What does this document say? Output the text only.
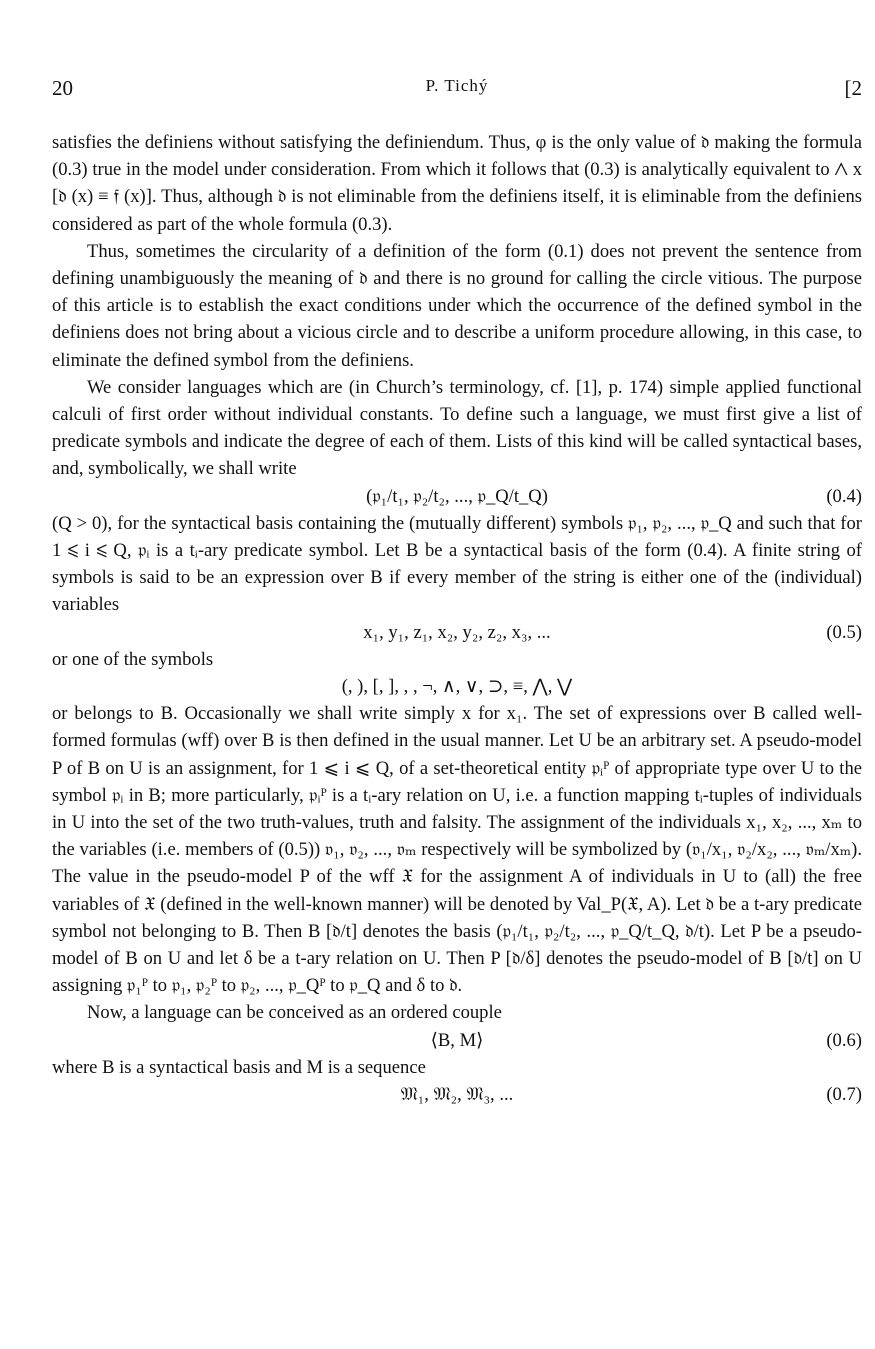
20	P. Tichý	[2

satisfies the definiens without satisfying the definiendum. Thus, φ is the only value of 𝔡 making the formula (0.3) true in the model under consideration. From which it follows that (0.3) is analytically equivalent to ⋀ x [𝔡 (x) ≡ 𝔣 (x)]. Thus, although 𝔡 is not eliminable from the definiens itself, it is eliminable from the definiens considered as part of the whole formula (0.3).

Thus, sometimes the circularity of a definition of the form (0.1) does not prevent the sentence from defining unambiguously the meaning of 𝔡 and there is no ground for calling the circle vitious. The purpose of this article is to establish the exact conditions under which the occurrence of the defined symbol in the definiens does not bring about a vicious circle and to describe a uniform procedure allowing, in this case, to eliminate the defined symbol from the definiens.

We consider languages which are (in Church’s terminology, cf. [1], p. 174) simple applied functional calculi of first order without individual constants. To define such a language, we must first give a list of predicate symbols and indicate the degree of each of them. Lists of this kind will be called syntactical bases, and, symbolically, we shall write

(𝔭₁/t₁, 𝔭₂/t₂, ..., 𝔭_Q/t_Q)	(0.4)

(Q > 0), for the syntactical basis containing the (mutually different) symbols 𝔭₁, 𝔭₂, ..., 𝔭_Q and such that for 1 ⩽ i ⩽ Q, 𝔭ᵢ is a tᵢ-ary predicate symbol. Let B be a syntactical basis of the form (0.4). A finite string of symbols is said to be an expression over B if every member of the string is either one of the (individual) variables

x₁, y₁, z₁, x₂, y₂, z₂, x₃, ...	(0.5)

or one of the symbols

(, ), [, ], , , ¬, ∧, ∨, ⊃, ≡, ⋀, ⋁

or belongs to B. Occasionally we shall write simply x for x₁. The set of expressions over B called well-formed formulas (wff) over B is then defined in the usual manner. Let U be an arbitrary set. A pseudo-model P of B on U is an assignment, for 1 ⩽ i ⩽ Q, of a set-theoretical entity 𝔭ᵢᴾ of appropriate type over U to the symbol 𝔭ᵢ in B; more particularly, 𝔭ᵢᴾ is a tᵢ-ary relation on U, i.e. a function mapping tᵢ-tuples of individuals in U into the set of the two truth-values, truth and falsity. The assignment of the individuals x₁, x₂, ..., xₘ to the variables (i.e. members of (0.5)) 𝔳₁, 𝔳₂, ..., 𝔳ₘ respectively will be symbolized by (𝔳₁/x₁, 𝔳₂/x₂, ..., 𝔳ₘ/xₘ). The value in the pseudo-model P of the wff 𝔛 for the assignment A of individuals in U to (all) the free variables of 𝔛 (defined in the well-known manner) will be denoted by Val_P(𝔛, A). Let 𝔡 be a t-ary predicate symbol not belonging to B. Then B [𝔡/t] denotes the basis (𝔭₁/t₁, 𝔭₂/t₂, ..., 𝔭_Q/t_Q, 𝔡/t). Let P be a pseudo-model of B on U and let δ be a t-ary relation on U. Then P [𝔡/δ] denotes the pseudo-model of B [𝔡/t] on U assigning 𝔭₁ᴾ to 𝔭₁, 𝔭₂ᴾ to 𝔭₂, ..., 𝔭_Qᴾ to 𝔭_Q and δ to 𝔡.

Now, a language can be conceived as an ordered couple

⟨B, M⟩	(0.6)

where B is a syntactical basis and M is a sequence

𝔐₁, 𝔐₂, 𝔐₃, ...	(0.7)
